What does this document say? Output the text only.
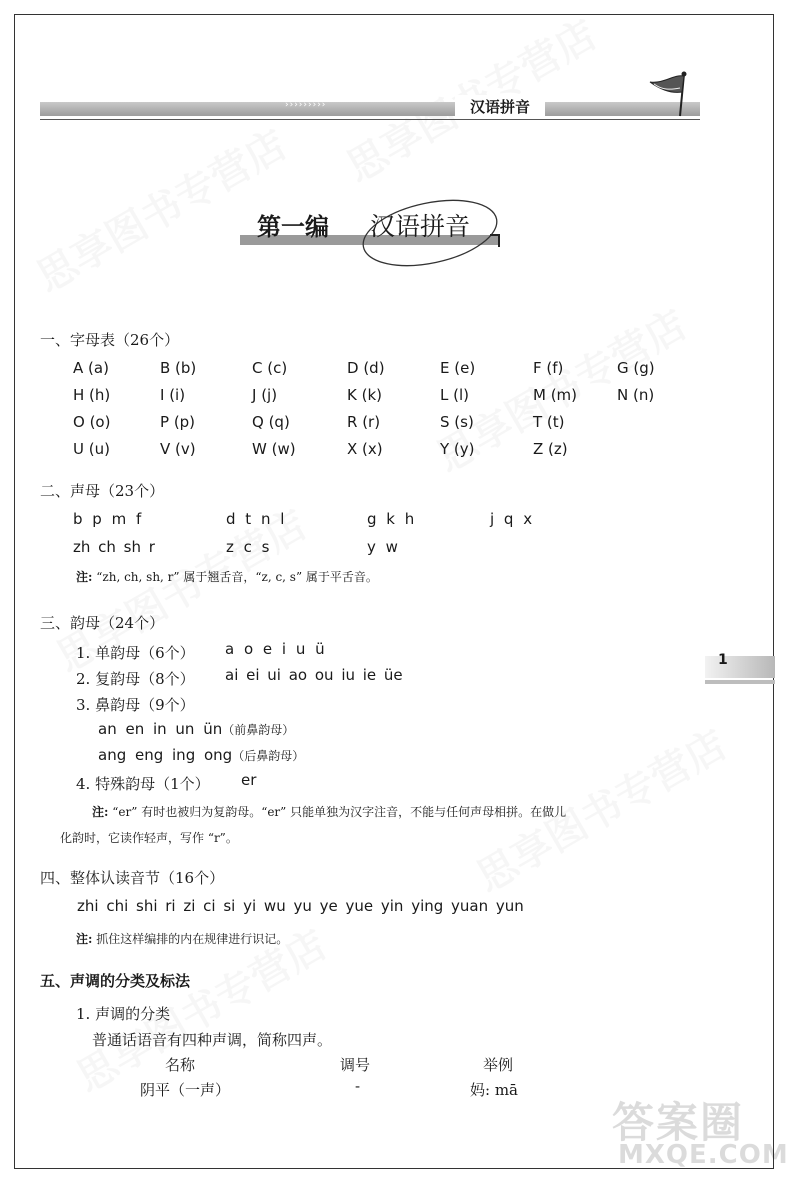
›››››››››	汉语拼音
第一编 汉语拼音
1
一、字母表（26个）
A (a)	B (b)	C (c)	D (d)	E (e)	F (f)	G (g)
H (h)	I (i)	J (j)	K (k)	L (l)	M (m)	N (n)
O (o)	P (p)	Q (q)	R (r)	S (s)	T (t)
U (u)	V (v)	W (w)	X (x)	Y (y)	Z (z)
二、声母（23个）
b p m f	d t n l	g k h	j q x
zh ch sh r	z c s	y w
注: “zh, ch, sh, r” 属于翘舌音，“z, c, s” 属于平舌音。
三、韵母（24个）
1. 单韵母（6个） a o e i u ü
2. 复韵母（8个） ai ei ui ao ou iu ie üe
3. 鼻韵母（9个）
an en in un ün（前鼻韵母）
ang eng ing ong（后鼻韵母）
4. 特殊韵母（1个） er
注: “er” 有时也被归为复韵母。“er” 只能单独为汉字注音，不能与任何声母相拼。在做儿
化韵时，它读作轻声，写作 “r”。
四、整体认读音节（16个）
zhi chi shi ri zi ci si yi wu yu ye yue yin ying yuan yun
注: 抓住这样编排的内在规律进行识记。
五、声调的分类及标法
1. 声调的分类
普通话语音有四种声调，简称四声。
名称	调号	举例
阴平（一声）	-	妈: mā
答案圈
MXQE.COM
